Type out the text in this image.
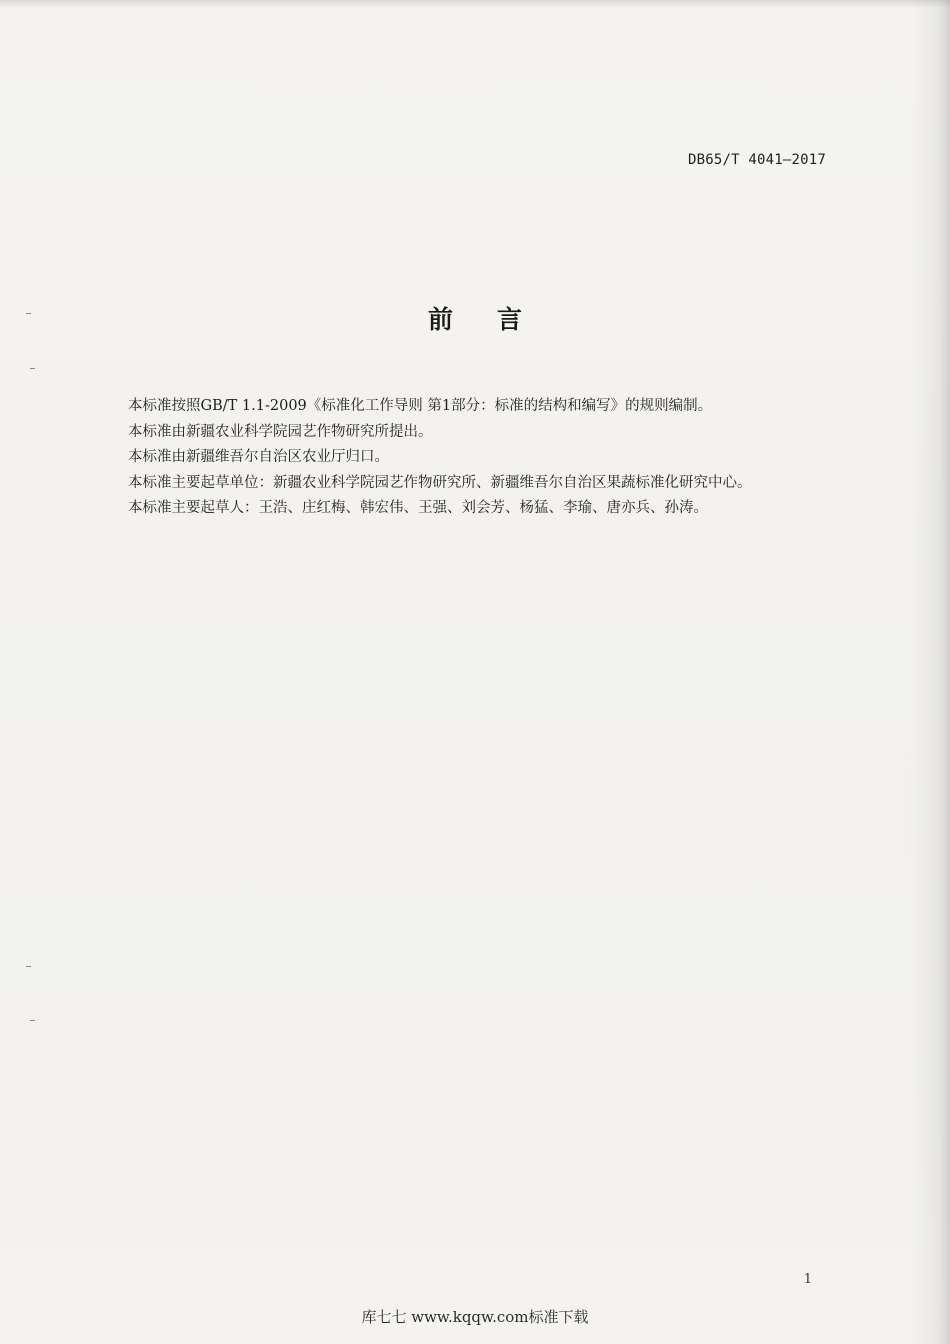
DB65/T 4041—2017
前言

本标准按照GB/T 1.1-2009《标准化工作导则 第1部分：标准的结构和编写》的规则编制。

本标准由新疆农业科学院园艺作物研究所提出。

本标准由新疆维吾尔自治区农业厅归口。

本标准主要起草单位：新疆农业科学院园艺作物研究所、新疆维吾尔自治区果蔬标准化研究中心。

本标准主要起草人：王浩、庄红梅、韩宏伟、王强、刘会芳、杨猛、李瑜、唐亦兵、孙涛。

1
库七七 www.kqqw.com标准下载
